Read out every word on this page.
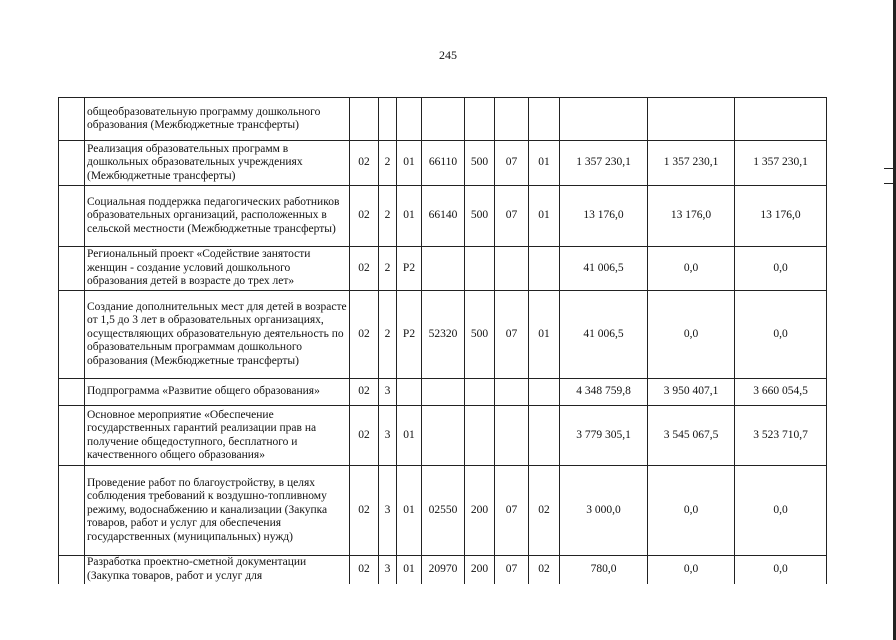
245
	общеобразовательную программу дошкольного образования (Межбюджетные трансферты)										
	Реализация образовательных программ в дошкольных образовательных учреждениях (Межбюджетные трансферты)	02	2	01	66110	500	07	01	1 357 230,1	1 357 230,1	1 357 230,1
	Социальная поддержка педагогических работников образовательных организаций, расположенных в сельской местности (Межбюджетные трансферты)	02	2	01	66140	500	07	01	13 176,0	13 176,0	13 176,0
	Региональный проект «Содействие занятости женщин - создание условий дошкольного образования детей в возрасте до трех лет»	02	2	P2					41 006,5	0,0	0,0
	Создание дополнительных мест для детей в возрасте от 1,5 до 3 лет в образовательных организациях, осуществляющих образовательную деятельность по образовательным программам дошкольного образования (Межбюджетные трансферты)	02	2	P2	52320	500	07	01	41 006,5	0,0	0,0
	Подпрограмма «Развитие общего образования»	02	3						4 348 759,8	3 950 407,1	3 660 054,5
	Основное мероприятие «Обеспечение государственных гарантий реализации прав на получение общедоступного, бесплатного и качественного общего образования»	02	3	01					3 779 305,1	3 545 067,5	3 523 710,7
	Проведение работ по благоустройству, в целях соблюдения требований к воздушно-топливному режиму, водоснабжению и канализации (Закупка товаров, работ и услуг для обеспечения государственных (муниципальных) нужд)	02	3	01	02550	200	07	02	3 000,0	0,0	0,0
	Разработка проектно-сметной документации (Закупка товаров, работ и услуг для	02	3	01	20970	200	07	02	780,0	0,0	0,0
